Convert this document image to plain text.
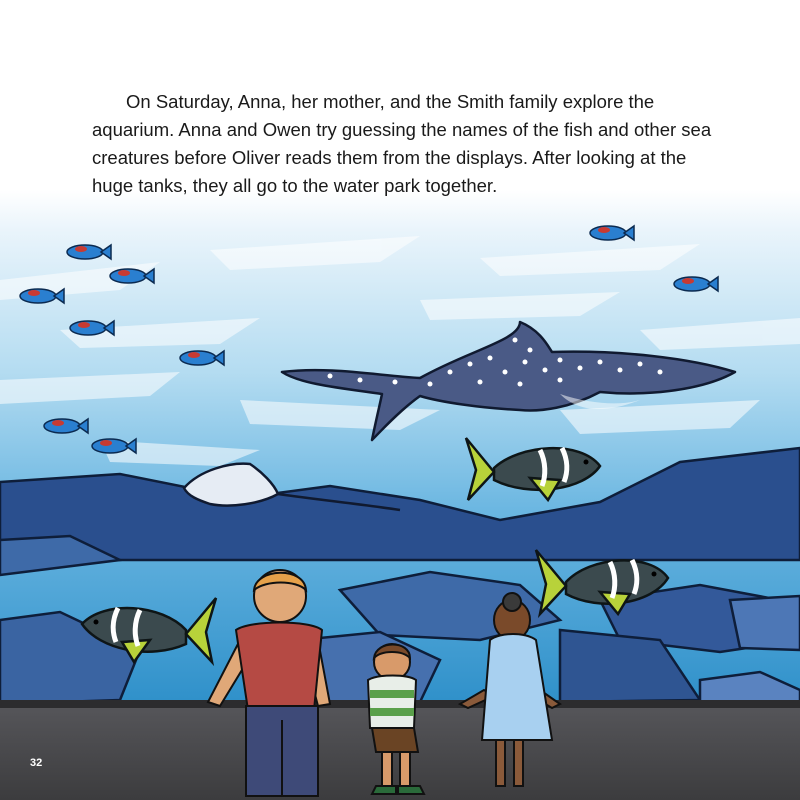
On Saturday, Anna, her mother, and the Smith family explore the
aquarium. Anna and Owen try guessing the names of the fish and other sea
creatures before Oliver reads them from the displays. After looking at the
huge tanks, they all go to the water park together.

32
